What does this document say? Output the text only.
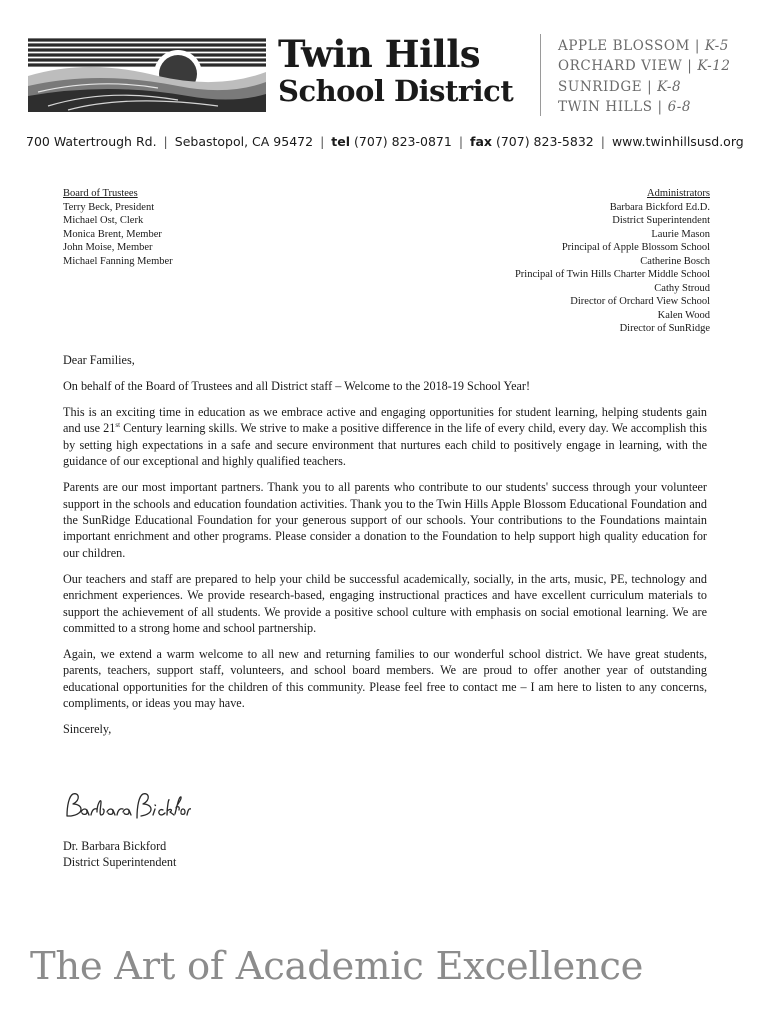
Twin Hills
School District
APPLE BLOSSOM | K-5
ORCHARD VIEW | K-12
SUNRIDGE | K-8
TWIN HILLS | 6-8
700 Watertrough Rd. | Sebastopol, CA 95472 | tel (707) 823-0871 | fax (707) 823-5832 | www.twinhillsusd.org
Board of Trustees
Terry Beck, President
Michael Ost, Clerk
Monica Brent, Member
John Moise, Member
Michael Fanning Member
Administrators
Barbara Bickford Ed.D.
District Superintendent
Laurie Mason
Principal of Apple Blossom School
Catherine Bosch
Principal of Twin Hills Charter Middle School
Cathy Stroud
Director of Orchard View School
Kalen Wood
Director of SunRidge

Dear Families,

On behalf of the Board of Trustees and all District staff – Welcome to the 2018-19 School Year!

This is an exciting time in education as we embrace active and engaging opportunities for student learning, helping students gain and use 21st Century learning skills. We strive to make a positive difference in the life of every child, every day. We accomplish this by setting high expectations in a safe and secure environment that nurtures each child to positively engage in learning, with the guidance of our exceptional and highly qualified teachers.

Parents are our most important partners. Thank you to all parents who contribute to our students' success through your volunteer support in the schools and education foundation activities. Thank you to the Twin Hills Apple Blossom Educational Foundation and the SunRidge Educational Foundation for your generous support of our schools. Your contributions to the Foundations maintain important enrichment and other programs. Please consider a donation to the Foundation to help support high quality education for our children.

Our teachers and staff are prepared to help your child be successful academically, socially, in the arts, music, PE, technology and enrichment experiences. We provide research-based, engaging instructional practices and have excellent curriculum materials to support the achievement of all students. We provide a positive school culture with emphasis on social emotional learning. We are committed to a strong home and school partnership.

Again, we extend a warm welcome to all new and returning families to our wonderful school district. We have great students, parents, teachers, support staff, volunteers, and school board members. We are proud to offer another year of outstanding educational opportunities for the children of this community. Please feel free to contact me – I am here to listen to any concerns, compliments, or ideas you may have.

Sincerely,

Dr. Barbara Bickford
District Superintendent
The Art of Academic Excellence
